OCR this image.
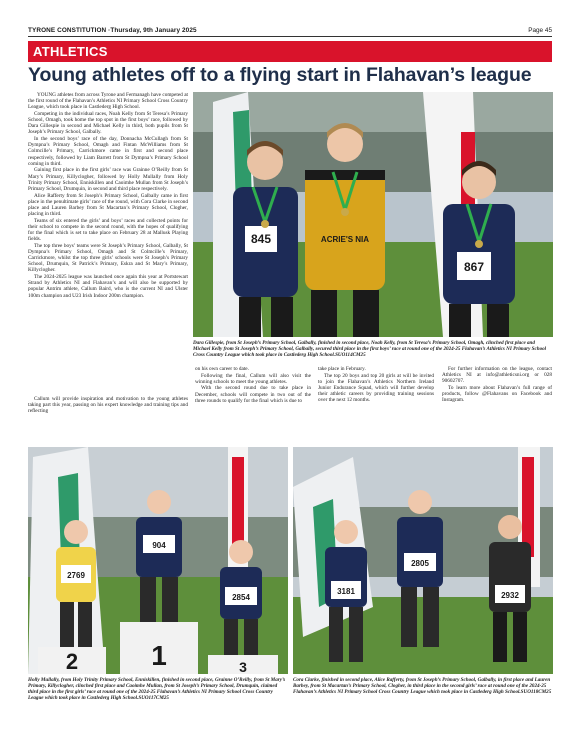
TYRONE CONSTITUTION ·Thursday, 9th January 2025	Page 45
ATHLETICS
Young athletes off to a flying start in Flahavan’s league

YOUNG athletes from across Tyrone and Fermanagh have competed at the first round of the Flahavan’s Athletics NI Primary School Cross Country League, which took place in Castlederg High School.

Competing in the individual races, Noah Kelly from St Teresa’s Primary School, Omagh, took home the top spot in the first boys’ race, followed by Dara Gillespie in second and Michael Kelly in third, both pupils from St Joseph’s Primary School, Galbally.

In the second boys’ race of the day, Donnacha McCullagh from St Dympna’s Primary School, Omagh and Fintan McWilliams from St Colmcille’s Primary, Carrickmore came in first and second place respectively, followed by Liam Barrett from St Dympna’s Primary School coming in third.

Gaining first place in the first girls’ race was Grainne O’Reilly from St Mary’s Primary, Killyclogher, followed by Holly Mullally from Holy Trinity Primary School, Enniskillen and Caoimhe Mullan from St Joseph’s Primary School, Drumquin, in second and third place respectively.

Alice Rafferty from St Joseph’s Primary School, Galbally came in first place in the penultimate girls’ race of the round, with Cora Clarke in second place and Lauren Barbey from St Macartan’s Primary School, Clogher, placing in third.

Teams of six entered the girls’ and boys’ races and collected points for their school to compete in the second round, with the hopes of qualifying for the final which is set to take place on February 28 at Mallusk Playing fields.

The top three boys’ teams were St Joseph’s Primary School, Galbally, St Dympna’s Primary School, Omagh and St Colmcille’s Primary, Carrickmore, whilst the top three girls’ schools were St Joseph’s Primary School, Drumquin, St Patrick’s Primary, Eskra and St Mary’s Primary, Killyclogher.

The 2024-2025 league was launched once again this year at Portstewart Strand by Athletics NI and Flahavan’s and will also be supported by popular Antrim athlete, Callum Baird, who is the current NI and Ulster 100m champion and U23 Irish Indoor 200m champion.

Callum will provide inspiration and motivation to the young athletes taking part this year, passing on his expert knowledge and training tips and reflecting

on his own career to date.

Following the final, Callum will also visit the winning schools to meet the young athletes.

With the second round due to take place in December, schools will compete in two out of the three rounds to qualify for the final which is due to

take place in February.

The top 20 boys and top 20 girls at will be invited to join the Flahavan’s Athletics Northern Ireland Junior Endurance Squad, which will further develop their athletic careers by providing training sessions over the next 12 months.

For further information on the league, contact Athletics NI at info@athleticsni.org or 028 90602707.

To learn more about Flahavan’s full range of products, follow @Flahavans on Facebook and Instagram.

845	ACRIE'S NIA
867
Dara Gillespie, from St Joseph’s Primary School, Galbally, finished in second place, Noah Kelly, from St Teresa’s Primary School, Omagh, clinched first place and Michael Kelly from St Joseph’s Primary School, Galbally, secured third place in the first boys’ race at round one of the 2024-25 Flahavan’s Athletics NI Primary School Cross Country League which took place in Castlederg High School.SUO114CM25
2769
904
2854
2	1	3
3181
2805
2932
Holly Mullally, from Holy Trinity Primary School, Enniskillen, finished in second place, Grainne O’Reilly, from St Mary’s Primary, Killyclogher, clinched first place and Caoimhe Mullan, from St Joseph’s Primary School, Drumquin, claimed third place in the first girls’ race at round one of the 2024-25 Flahavan’s Athletics NI Primary School Cross Country League which took place in Castlederg High School.SUO117CM25
Cora Clarke, finished in second place, Alice Rafferty, from St Joseph’s Primary School, Galbally, in first place and Lauren Barbey, from St Macartan’s Primary School, Clogher, in third place in the second girls’ race at round one of the 2024-25 Flahavan’s Athletics NI Primary School Cross Country League which took place in Castlederg High School.SUO118CM25
